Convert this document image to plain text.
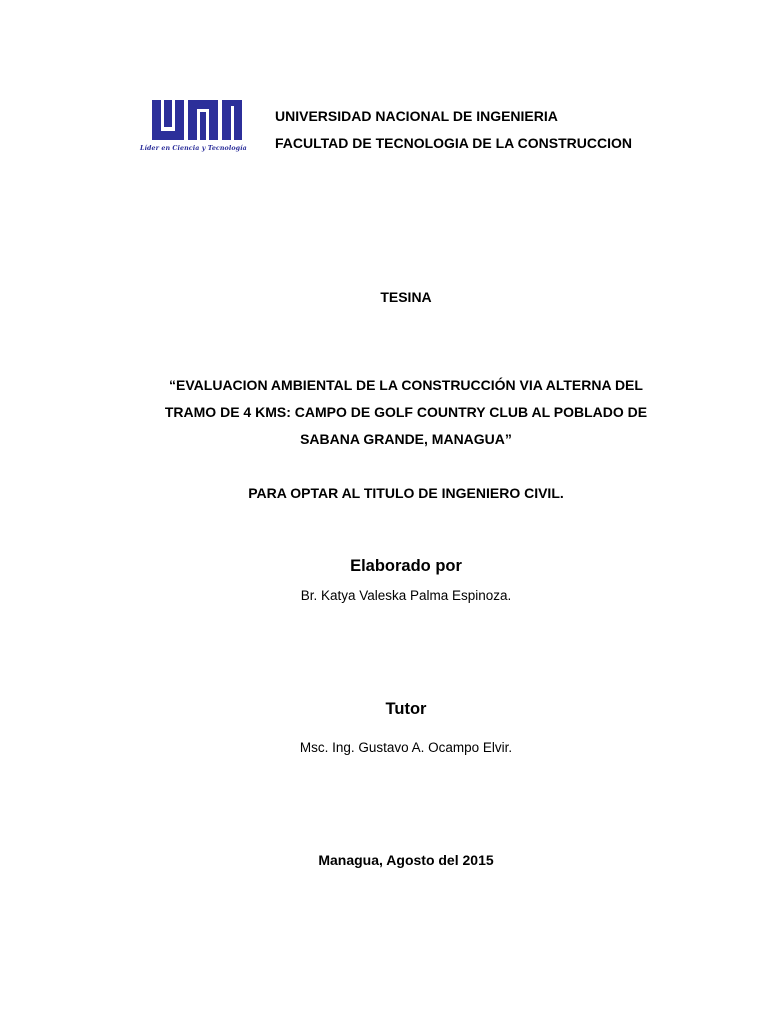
Líder en Ciencia y Tecnología
UNIVERSIDAD NACIONAL DE INGENIERIA
FACULTAD DE TECNOLOGIA DE LA CONSTRUCCION
TESINA
“EVALUACION AMBIENTAL DE LA CONSTRUCCIÓN VIA ALTERNA DEL
TRAMO DE 4 KMS: CAMPO DE GOLF COUNTRY CLUB AL POBLADO DE
SABANA GRANDE, MANAGUA”
PARA OPTAR AL TITULO DE INGENIERO CIVIL.
Elaborado por
Br. Katya Valeska Palma Espinoza.
Tutor
Msc. Ing. Gustavo A. Ocampo Elvir.
Managua, Agosto del 2015
